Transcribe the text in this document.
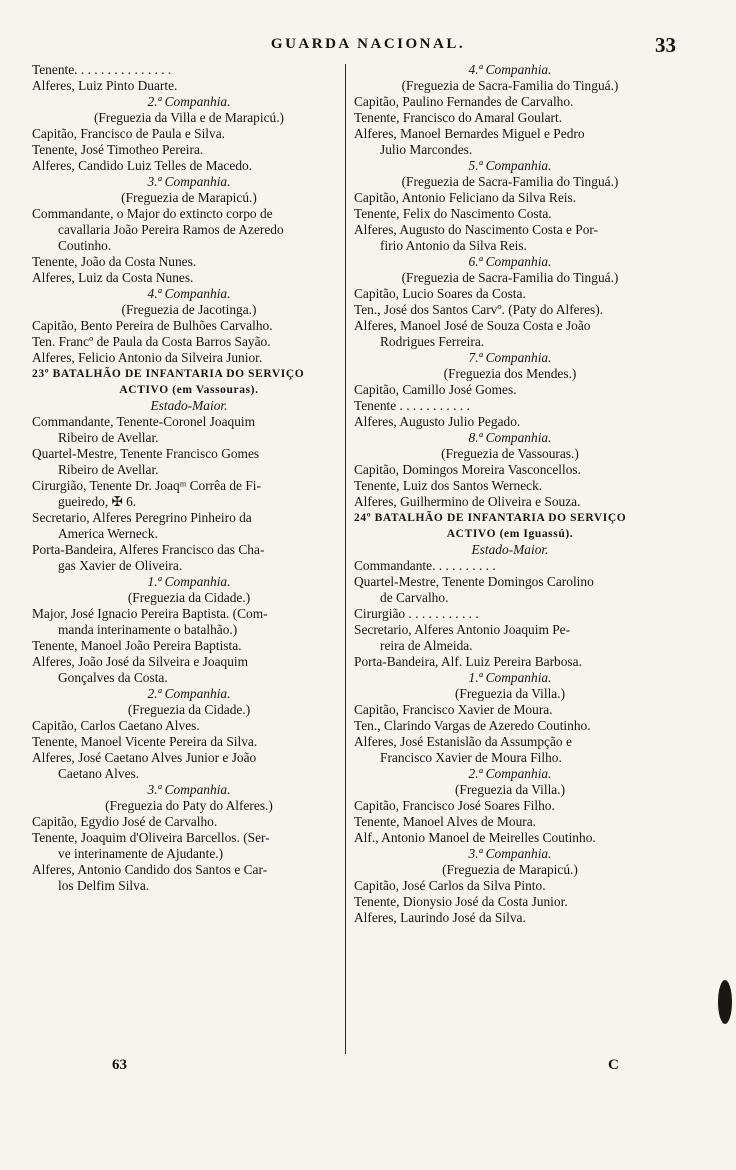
GUARDA NACIONAL.	33
Tenente. . . . . . . . . . . . . . .
Alferes, Luiz Pinto Duarte.
2.ª Companhia.
(Freguezia da Villa e de Marapicú.)
Capitão, Francisco de Paula e Silva.
Tenente, José Timotheo Pereira.
Alferes, Candido Luiz Telles de Macedo.
3.ª Companhia.
(Freguezia de Marapicú.)
Commandante, o Major do extincto corpo de
cavallaria João Pereira Ramos de Azeredo
Coutinho.
Tenente, João da Costa Nunes.
Alferes, Luiz da Costa Nunes.
4.ª Companhia.
(Freguezia de Jacotinga.)
Capitão, Bento Pereira de Bulhões Carvalho.
Ten. Francº de Paula da Costa Barros Sayão.
Alferes, Felicio Antonio da Silveira Junior.
23º BATALHÃO DE INFANTARIA DO SERVIÇO
ACTIVO (em Vassouras).
Estado-Maior.
Commandante, Tenente-Coronel Joaquim
Ribeiro de Avellar.
Quartel-Mestre, Tenente Francisco Gomes
Ribeiro de Avellar.
Cirurgião, Tenente Dr. Joaqᵐ Corrêa de Fi-
gueiredo, ✠ 6.
Secretario, Alferes Peregrino Pinheiro da
America Werneck.
Porta-Bandeira, Alferes Francisco das Cha-
gas Xavier de Oliveira.
1.ª Companhia.
(Freguezia da Cidade.)
Major, José Ignacio Pereira Baptista. (Com-
manda interinamente o batalhão.)
Tenente, Manoel João Pereira Baptista.
Alferes, João José da Silveira e Joaquim
Gonçalves da Costa.
2.ª Companhia.
(Freguezia da Cidade.)
Capitão, Carlos Caetano Alves.
Tenente, Manoel Vicente Pereira da Silva.
Alferes, José Caetano Alves Junior e João
Caetano Alves.
3.ª Companhia.
(Freguezia do Paty do Alferes.)
Capitão, Egydio José de Carvalho.
Tenente, Joaquim d'Oliveira Barcellos. (Ser-
ve interinamente de Ajudante.)
Alferes, Antonio Candido dos Santos e Car-
los Delfim Silva.
4.ª Companhia.
(Freguezia de Sacra-Familia do Tinguá.)
Capitão, Paulino Fernandes de Carvalho.
Tenente, Francisco do Amaral Goulart.
Alferes, Manoel Bernardes Miguel e Pedro
Julio Marcondes.
5.ª Companhia.
(Freguezia de Sacra-Familia do Tinguá.)
Capitão, Antonio Feliciano da Silva Reis.
Tenente, Felix do Nascimento Costa.
Alferes, Augusto do Nascimento Costa e Por-
firio Antonio da Silva Reis.
6.ª Companhia.
(Freguezia de Sacra-Familia do Tinguá.)
Capitão, Lucio Soares da Costa.
Ten., José dos Santos Carvº. (Paty do Alferes).
Alferes, Manoel José de Souza Costa e João
Rodrigues Ferreira.
7.ª Companhia.
(Freguezia dos Mendes.)
Capitão, Camillo José Gomes.
Tenente . . . . . . . . . . .
Alferes, Augusto Julio Pegado.
8.ª Companhia.
(Freguezia de Vassouras.)
Capitão, Domingos Moreira Vasconcellos.
Tenente, Luiz dos Santos Werneck.
Alferes, Guilhermino de Oliveira e Souza.
24º BATALHÃO DE INFANTARIA DO SERVIÇO
ACTIVO (em Iguassú).
Estado-Maior.
Commandante. . . . . . . . . .
Quartel-Mestre, Tenente Domingos Carolino
de Carvalho.
Cirurgião . . . . . . . . . . .
Secretario, Alferes Antonio Joaquim Pe-
reira de Almeida.
Porta-Bandeira, Alf. Luiz Pereira Barbosa.
1.ª Companhia.
(Freguezia da Villa.)
Capitão, Francisco Xavier de Moura.
Ten., Clarindo Vargas de Azeredo Coutinho.
Alferes, José Estanislão da Assumpção e
Francisco Xavier de Moura Filho.
2.ª Companhia.
(Freguezia da Villa.)
Capitão, Francisco José Soares Filho.
Tenente, Manoel Alves de Moura.
Alf., Antonio Manoel de Meirelles Coutinho.
3.ª Companhia.
(Freguezia de Marapicú.)
Capitão, José Carlos da Silva Pinto.
Tenente, Dionysio José da Costa Junior.
Alferes, Laurindo José da Silva.
63	C
